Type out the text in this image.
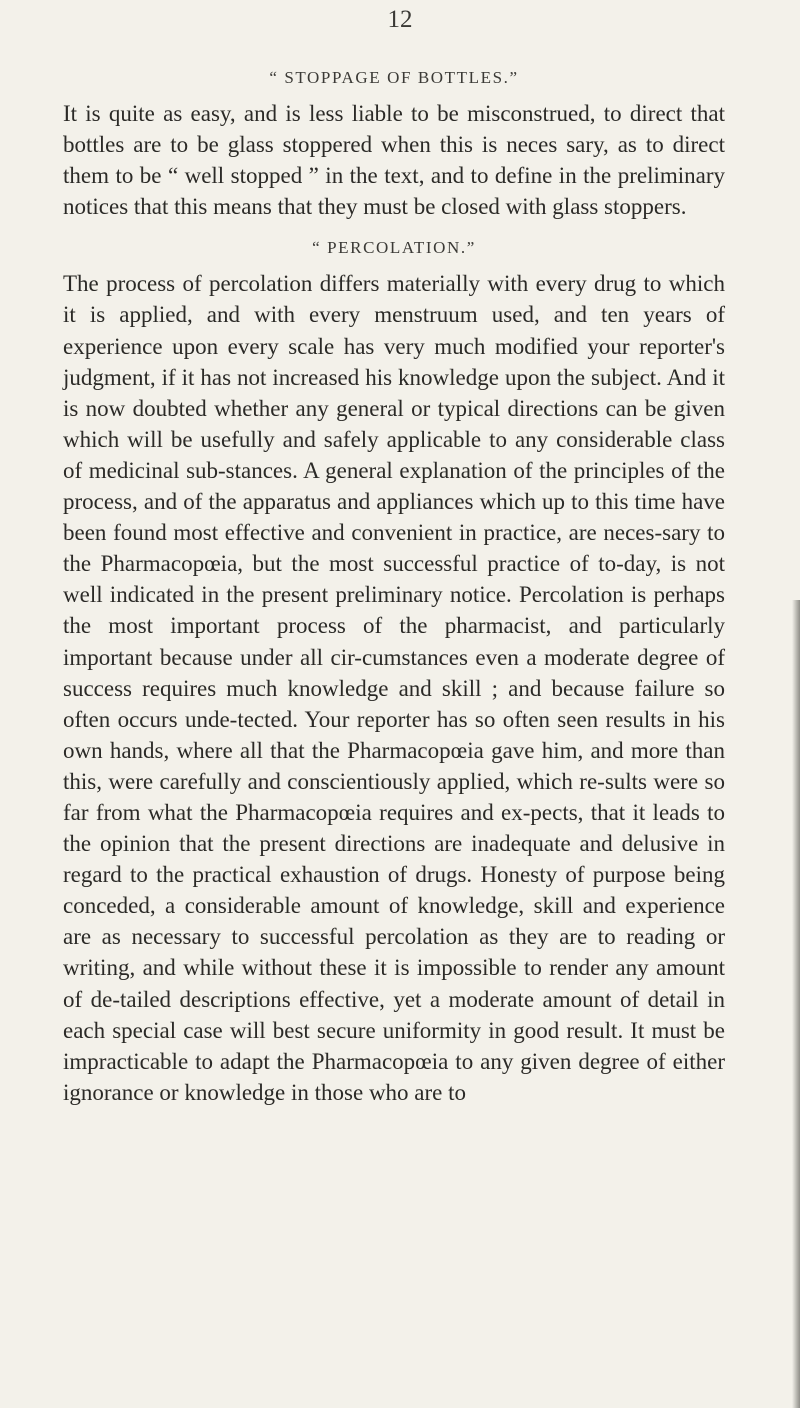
12
“ STOPPAGE OF BOTTLES.”

It is quite as easy, and is less liable to be misconstrued, to direct that bottles are to be glass stoppered when this is neces sary, as to direct them to be “ well stopped ” in the text, and to define in the preliminary notices that this means that they must be closed with glass stoppers.

“ PERCOLATION.”

The process of percolation differs materially with every drug to which it is applied, and with every menstruum used, and ten years of experience upon every scale has very much modified your reporter's judgment, if it has not increased his knowledge upon the subject. And it is now doubted whether any general or typical directions can be given which will be usefully and safely applicable to any considerable class of medicinal sub-stances. A general explanation of the principles of the process, and of the apparatus and appliances which up to this time have been found most effective and convenient in practice, are neces-sary to the Pharmacopœia, but the most successful practice of to-day, is not well indicated in the present preliminary notice. Percolation is perhaps the most important process of the pharmacist, and particularly important because under all cir-cumstances even a moderate degree of success requires much knowledge and skill ; and because failure so often occurs unde-tected. Your reporter has so often seen results in his own hands, where all that the Pharmacopœia gave him, and more than this, were carefully and conscientiously applied, which re-sults were so far from what the Pharmacopœia requires and ex-pects, that it leads to the opinion that the present directions are inadequate and delusive in regard to the practical exhaustion of drugs. Honesty of purpose being conceded, a considerable amount of knowledge, skill and experience are as necessary to successful percolation as they are to reading or writing, and while without these it is impossible to render any amount of de-tailed descriptions effective, yet a moderate amount of detail in each special case will best secure uniformity in good result. It must be impracticable to adapt the Pharmacopœia to any given degree of either ignorance or knowledge in those who are to
